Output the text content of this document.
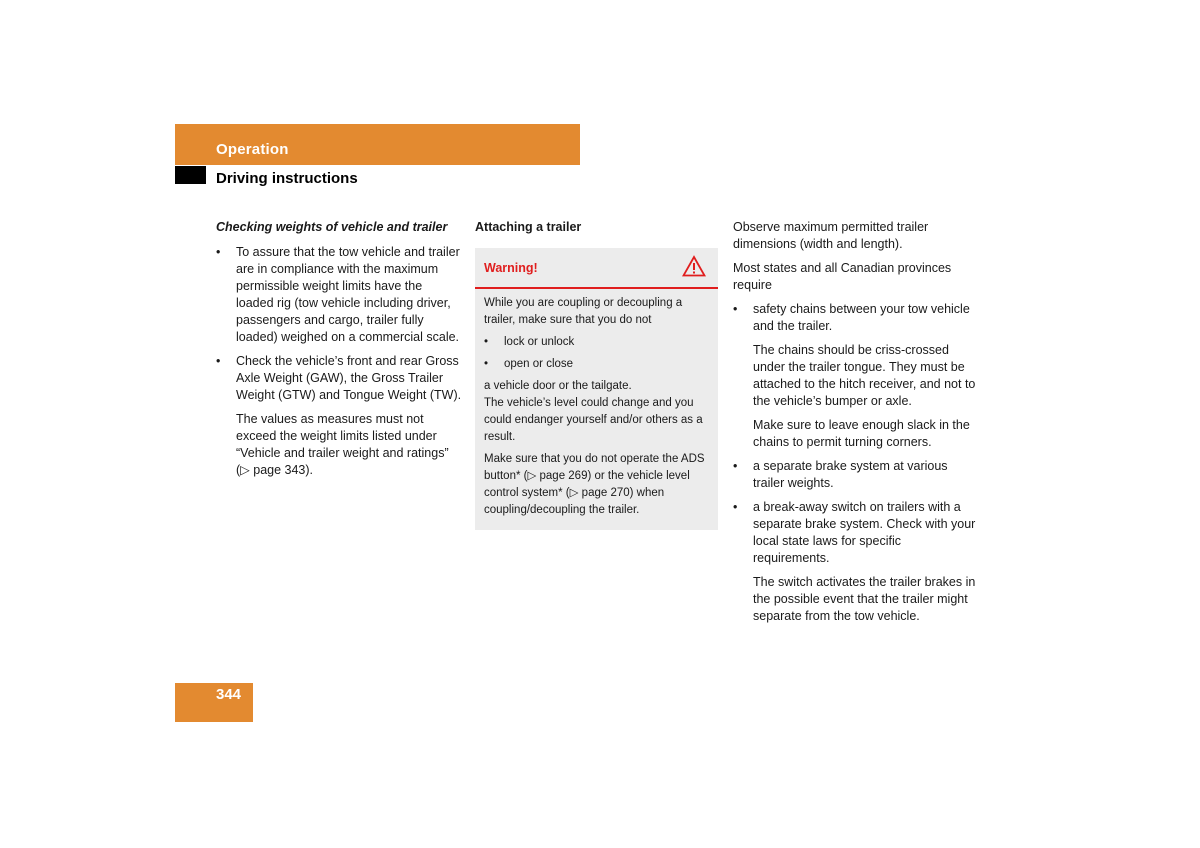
Operation
Driving instructions
Checking weights of vehicle and trailer
• To assure that the tow vehicle and trailer are in compliance with the maximum permissible weight limits have the loaded rig (tow vehicle including driver, passengers and cargo, trailer fully loaded) weighed on a commercial scale.
• Check the vehicle’s front and rear Gross Axle Weight (GAW), the Gross Trailer Weight (GTW) and Tongue Weight (TW).
The values as measures must not exceed the weight limits listed under “Vehicle and trailer weight and ratings” (▷ page 343).
Attaching a trailer
Warning!

While you are coupling or decoupling a trailer, make sure that you do not

• lock or unlock
• open or close

a vehicle door or the tailgate.

The vehicle’s level could change and you could endanger yourself and/or others as a result.

Make sure that you do not operate the ADS button* (▷ page 269) or the vehicle level control system* (▷ page 270) when coupling/decoupling the trailer.

Observe maximum permitted trailer dimensions (width and length).

Most states and all Canadian provinces require

• safety chains between your tow vehicle and the trailer.
The chains should be criss-crossed under the trailer tongue. They must be attached to the hitch receiver, and not to the vehicle’s bumper or axle.
Make sure to leave enough slack in the chains to permit turning corners.
• a separate brake system at various trailer weights.
• a break-away switch on trailers with a separate brake system. Check with your local state laws for specific requirements.
The switch activates the trailer brakes in the possible event that the trailer might separate from the tow vehicle.
344
